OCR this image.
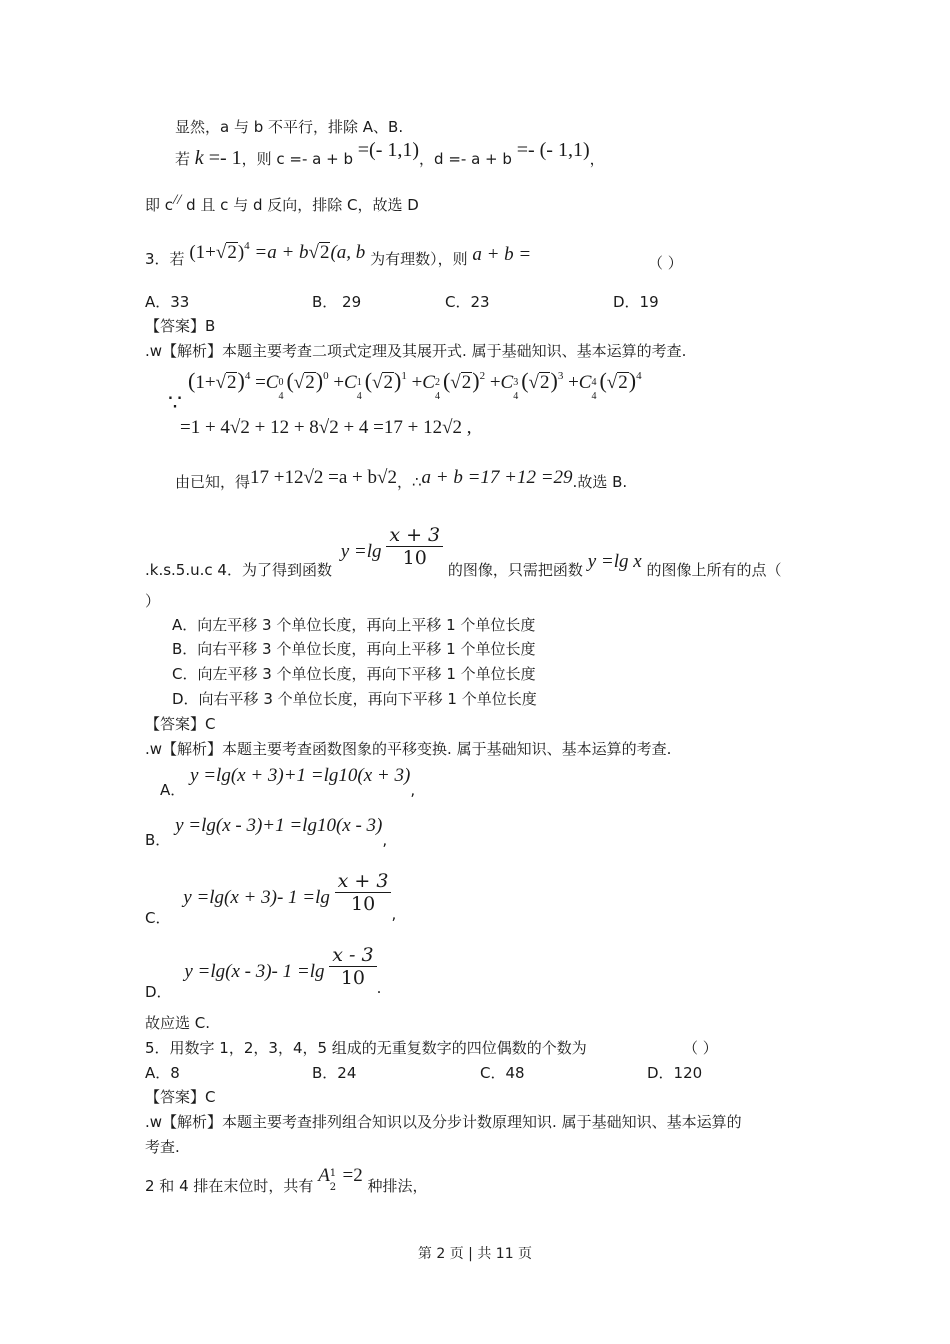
显然，a 与 b 不平行，排除 A、B.
若 k =- 1，则 c =- a + b =(- 1,1)，d =- a + b =- (- 1,1)，
即 c// d 且 c 与 d 反向，排除 C，故选 D
3．若 $(1+√2)^4 =a + b√2(a$, b 为有理数），则 a + b =	（ ）
A．33	B． 29	C．23	D．19
【答案】B
.w【解析】本题主要考查二项式定理及其展开式. 属于基础知识、基本运算的考查.
∵
$(1+√2)^4 =C$ 0
4
$(√2)^0 +C$ 1
4
$(√2)^1 +C$ 2
4
$(√2)^2 +C$ 3
4
$(√2)^3 +C$ 4
4
$(√2)^4$
=1 + 4√2 + 12 + 8√2 + 4 =17 + 12√2 ,
由已知，得17 +12√2 =a + b√2，∴a + b =17 +12 =29.故选 B.
.k.s.5.u.c 4．为了得到函数 $y =\lg \frac{x + 3}{10}$
的图像，只需把函数 y =lg x 的图像上所有的点（
）
A．向左平移 3 个单位长度，再向上平移 1 个单位长度
B．向右平移 3 个单位长度，再向上平移 1 个单位长度
C．向左平移 3 个单位长度，再向下平移 1 个单位长度
D．向右平移 3 个单位长度，再向下平移 1 个单位长度
【答案】C
.w【解析】本题主要考查函数图象的平移变换. 属于基础知识、基本运算的考查.
A． y =lg(x + 3)+1 =lg10(x + 3),
B． y =lg(x - 3)+1 =lg10(x - 3),
C． y =lg(x + 3)- $1 =\lg \frac{x + 3}{10}$ ,
D． y =lg(x - 3)- $1 =\lg \frac{x - 3}{10}$ .
故应选 C.
5．用数字 1，2，3，4，5 组成的无重复数字的四位偶数的个数为	（ ）
A．8	B．24	C．48	D．120
【答案】C
.w【解析】本题主要考查排列组合知识以及分步计数原理知识. 属于基础知识、基本运算的
考查.
2 和 4 排在末位时，共有 A 1
2
=2 种排法，
第 2 页 | 共 11 页
